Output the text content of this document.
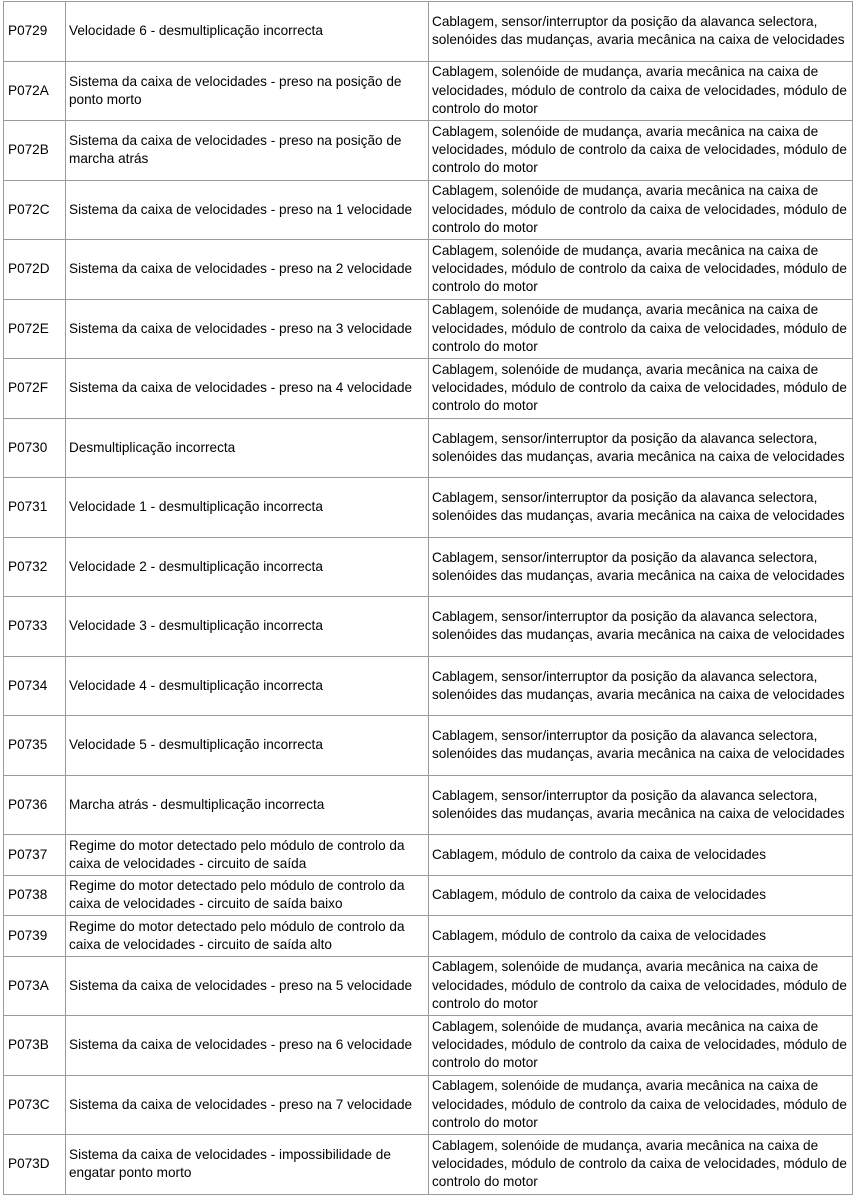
P0729	Velocidade 6 - desmultiplicação incorrecta	Cablagem, sensor/interruptor da posição da alavanca selectora, solenóides das mudanças, avaria mecânica na caixa de velocidades
P072A	Sistema da caixa de velocidades - preso na posição de ponto morto	Cablagem, solenóide de mudança, avaria mecânica na caixa de velocidades, módulo de controlo da caixa de velocidades, módulo de controlo do motor
P072B	Sistema da caixa de velocidades - preso na posição de marcha atrás	Cablagem, solenóide de mudança, avaria mecânica na caixa de velocidades, módulo de controlo da caixa de velocidades, módulo de controlo do motor
P072C	Sistema da caixa de velocidades - preso na 1 velocidade	Cablagem, solenóide de mudança, avaria mecânica na caixa de velocidades, módulo de controlo da caixa de velocidades, módulo de controlo do motor
P072D	Sistema da caixa de velocidades - preso na 2 velocidade	Cablagem, solenóide de mudança, avaria mecânica na caixa de velocidades, módulo de controlo da caixa de velocidades, módulo de controlo do motor
P072E	Sistema da caixa de velocidades - preso na 3 velocidade	Cablagem, solenóide de mudança, avaria mecânica na caixa de velocidades, módulo de controlo da caixa de velocidades, módulo de controlo do motor
P072F	Sistema da caixa de velocidades - preso na 4 velocidade	Cablagem, solenóide de mudança, avaria mecânica na caixa de velocidades, módulo de controlo da caixa de velocidades, módulo de controlo do motor
P0730	Desmultiplicação incorrecta	Cablagem, sensor/interruptor da posição da alavanca selectora, solenóides das mudanças, avaria mecânica na caixa de velocidades
P0731	Velocidade 1 - desmultiplicação incorrecta	Cablagem, sensor/interruptor da posição da alavanca selectora, solenóides das mudanças, avaria mecânica na caixa de velocidades
P0732	Velocidade 2 - desmultiplicação incorrecta	Cablagem, sensor/interruptor da posição da alavanca selectora, solenóides das mudanças, avaria mecânica na caixa de velocidades
P0733	Velocidade 3 - desmultiplicação incorrecta	Cablagem, sensor/interruptor da posição da alavanca selectora, solenóides das mudanças, avaria mecânica na caixa de velocidades
P0734	Velocidade 4 - desmultiplicação incorrecta	Cablagem, sensor/interruptor da posição da alavanca selectora, solenóides das mudanças, avaria mecânica na caixa de velocidades
P0735	Velocidade 5 - desmultiplicação incorrecta	Cablagem, sensor/interruptor da posição da alavanca selectora, solenóides das mudanças, avaria mecânica na caixa de velocidades
P0736	Marcha atrás - desmultiplicação incorrecta	Cablagem, sensor/interruptor da posição da alavanca selectora, solenóides das mudanças, avaria mecânica na caixa de velocidades
P0737	Regime do motor detectado pelo módulo de controlo da caixa de velocidades - circuito de saída	Cablagem, módulo de controlo da caixa de velocidades
P0738	Regime do motor detectado pelo módulo de controlo da caixa de velocidades - circuito de saída baixo	Cablagem, módulo de controlo da caixa de velocidades
P0739	Regime do motor detectado pelo módulo de controlo da caixa de velocidades - circuito de saída alto	Cablagem, módulo de controlo da caixa de velocidades
P073A	Sistema da caixa de velocidades - preso na 5 velocidade	Cablagem, solenóide de mudança, avaria mecânica na caixa de velocidades, módulo de controlo da caixa de velocidades, módulo de controlo do motor
P073B	Sistema da caixa de velocidades - preso na 6 velocidade	Cablagem, solenóide de mudança, avaria mecânica na caixa de velocidades, módulo de controlo da caixa de velocidades, módulo de controlo do motor
P073C	Sistema da caixa de velocidades - preso na 7 velocidade	Cablagem, solenóide de mudança, avaria mecânica na caixa de velocidades, módulo de controlo da caixa de velocidades, módulo de controlo do motor
P073D	Sistema da caixa de velocidades - impossibilidade de engatar ponto morto	Cablagem, solenóide de mudança, avaria mecânica na caixa de velocidades, módulo de controlo da caixa de velocidades, módulo de controlo do motor
